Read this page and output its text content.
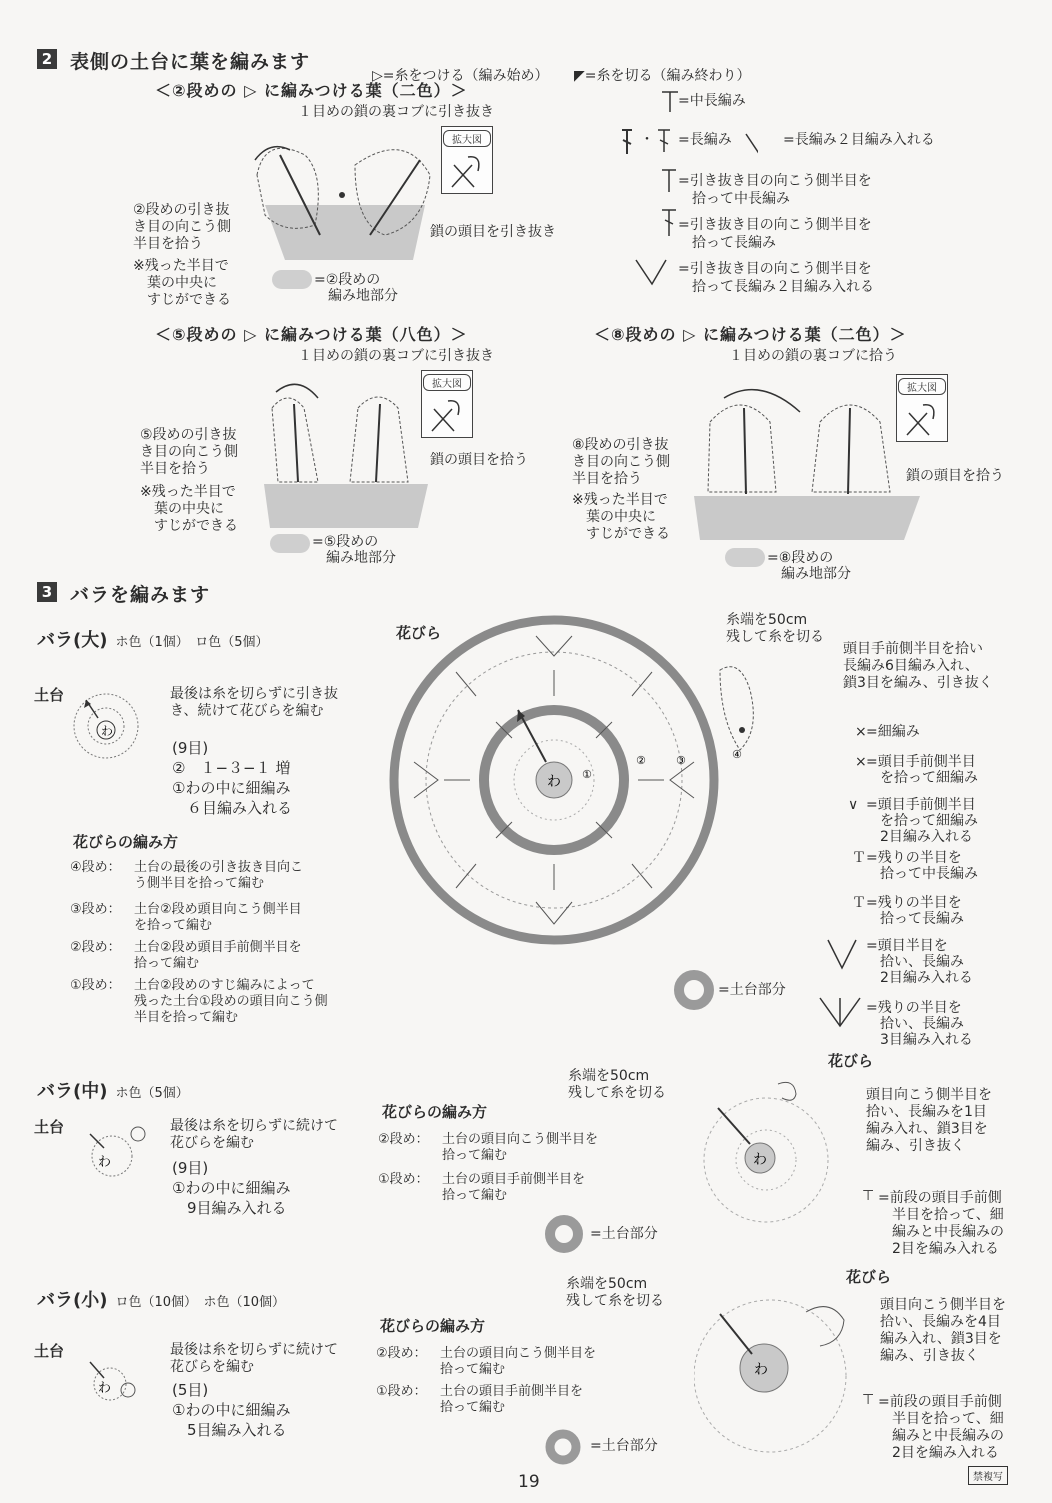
2 表側の土台に葉を編みます

▷=糸をつける（編み始め） ◤=糸を切る（編み終わり）

＜②段めの ▷ に編みつける葉（二色）＞
１目めの鎖の裏コブに引き抜き
拡大図
②段めの引き抜
き目の向こう側
半目を拾う
※残った半目で
　葉の中央に
　すじができる
鎖の頭目を引き抜き
=②段めの
　編み地部分
=中長編み
・ =長編み	=長編み２目編み入れる
=引き抜き目の向こう側半目を
　拾って中長編み
=引き抜き目の向こう側半目を
　拾って長編み
=引き抜き目の向こう側半目を
　拾って長編み２目編み入れる
＜⑤段めの ▷ に編みつける葉（八色）＞
１目めの鎖の裏コブに引き抜き
拡大図
⑤段めの引き抜
き目の向こう側
半目を拾う
※残った半目で
　葉の中央に
　すじができる
鎖の頭目を拾う
=⑤段めの
　編み地部分
＜⑧段めの ▷ に編みつける葉（二色）＞
１目めの鎖の裏コブに拾う
拡大図
⑧段めの引き抜
き目の向こう側
半目を拾う
※残った半目で
　葉の中央に
　すじができる
鎖の頭目を拾う
=⑧段めの
　編み地部分
3 バラを編みます
バラ(大) ホ色（1個）　ロ色（5個）
土台
わ
最後は糸を切らずに引き抜
き、続けて花びらを編む
(9目)
②　１−３−１ 増
①わの中に細編み
　６目編み入れる
花びらの編み方
④段め： 土台の最後の引き抜き目向こ
う側半目を拾って編む
③段め： 土台②段め頭目向こう側半目
を拾って編む
②段め： 土台②段め頭目手前側半目を
拾って編む
①段め： 土台②段めのすじ編みによって
残った土台①段めの頭目向こう側
半目を拾って編む
花びら
わ ①
②	③	④
糸端を50cm
残して糸を切る
頭目手前側半目を拾い
長編み6目編み入れ、
鎖3目を編み、引き抜く
× =細編み
× =頭目手前側半目
　を拾って細編み
∨ =頭目手前側半目
　を拾って細編み
　2目編み入れる
Ｔ =残りの半目を
　拾って中長編み
Ｔ =残りの半目を
　拾って長編み
=頭目半目を
　拾い、長編み
　2目編み入れる
=残りの半目を
　拾い、長編み
　3目編み入れる
=土台部分
バラ(中) ホ色（5個）
土台
わ
最後は糸を切らずに続けて
花びらを編む
(9目)
①わの中に細編み
　9目編み入れる
花びらの編み方
②段め： 土台の頭目向こう側半目を
拾って編む
①段め： 土台の頭目手前側半目を
拾って編む
=土台部分
糸端を50cm
残して糸を切る
花びら
わ
頭目向こう側半目を
拾い、長編みを1目
編み入れ、鎖3目を
編み、引き抜く
⊤ =前段の頭目手前側
　半目を拾って、細
　編みと中長編みの
　2目を編み入れる
バラ(小) ロ色（10個）　ホ色（10個）
土台
わ
最後は糸を切らずに続けて
花びらを編む
(5目)
①わの中に細編み
　5目編み入れる
花びらの編み方
②段め： 土台の頭目向こう側半目を
拾って編む
①段め： 土台の頭目手前側半目を
拾って編む
=土台部分
糸端を50cm
残して糸を切る
花びら
わ
頭目向こう側半目を
拾い、長編みを4目
編み入れ、鎖3目を
編み、引き抜く
⊤ =前段の頭目手前側
　半目を拾って、細
　編みと中長編みの
　2目を編み入れる
19	禁複写
